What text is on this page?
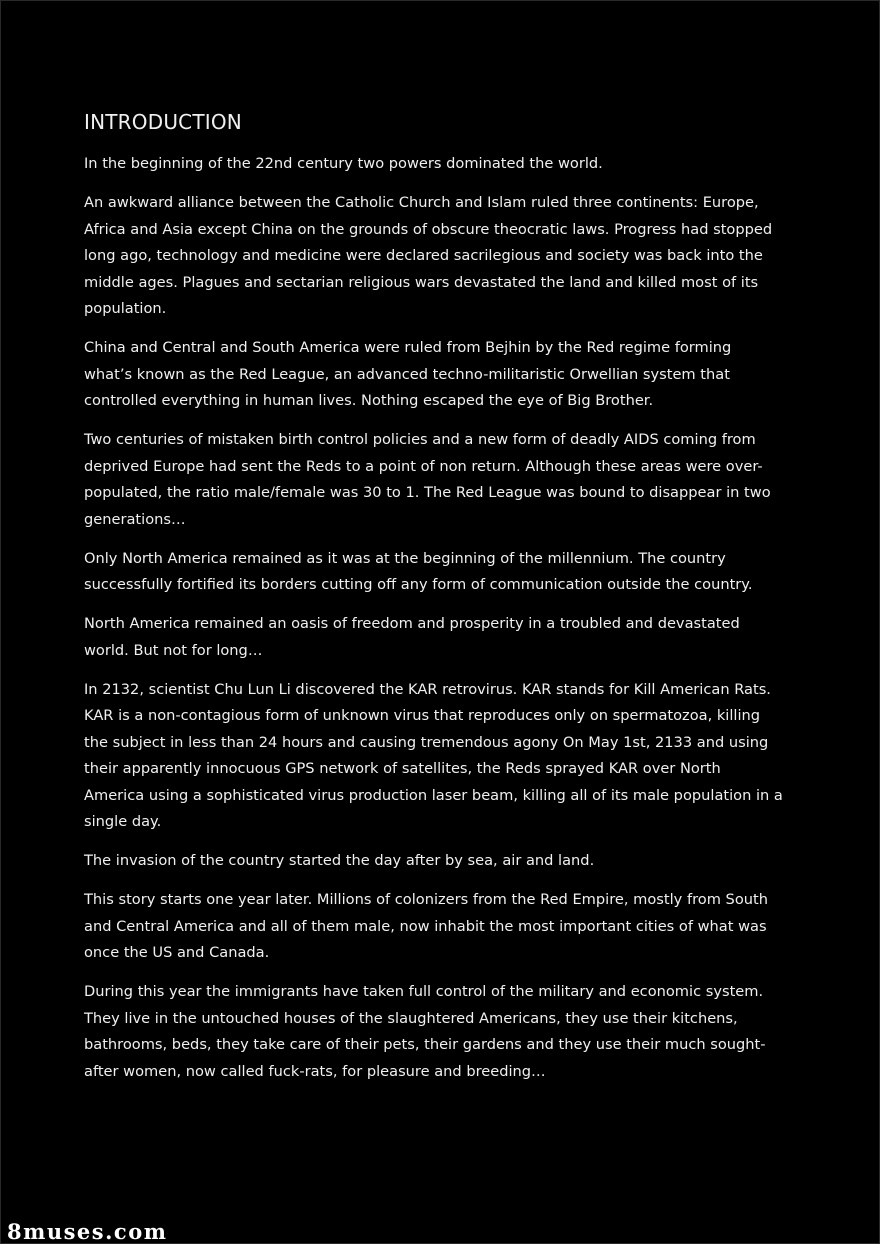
INTRODUCTION

In the beginning of the 22nd century two powers dominated the world.

An awkward alliance between the Catholic Church and Islam ruled three continents: Europe, Africa and Asia except China on the grounds of obscure theocratic laws. Progress had stopped long ago, technology and medicine were declared sacrilegious and society was back into the middle ages. Plagues and sectarian religious wars devastated the land and killed most of its population.

China and Central and South America were ruled from Bejhin by the Red regime forming what’s known as the Red League, an advanced techno-militaristic Orwellian system that controlled everything in human lives. Nothing escaped the eye of Big Brother.

Two centuries of mistaken birth control policies and a new form of deadly AIDS coming from deprived Europe had sent the Reds to a point of non return. Although these areas were over-populated, the ratio male/female was 30 to 1. The Red League was bound to disappear in two generations…

Only North America remained as it was at the beginning of the millennium. The country successfully fortified its borders cutting off any form of communication outside the country.

North America remained an oasis of freedom and prosperity in a troubled and devastated world. But not for long…

In 2132, scientist Chu Lun Li discovered the KAR retrovirus. KAR stands for Kill American Rats. KAR is a non-contagious form of unknown virus that reproduces only on spermatozoa, killing the subject in less than 24 hours and causing tremendous agony On May 1st, 2133 and using their apparently innocuous GPS network of satellites, the Reds sprayed KAR over North America using a sophisticated virus production laser beam, killing all of its male population in a single day.

The invasion of the country started the day after by sea, air and land.

This story starts one year later. Millions of colonizers from the Red Empire, mostly from South and Central America and all of them male, now inhabit the most important cities of what was once the US and Canada.

During this year the immigrants have taken full control of the military and economic system. They live in the untouched houses of the slaughtered Americans, they use their kitchens, bathrooms, beds, they take care of their pets, their gardens and they use their much sought-after women, now called fuck-rats, for pleasure and breeding…

8muses.com
